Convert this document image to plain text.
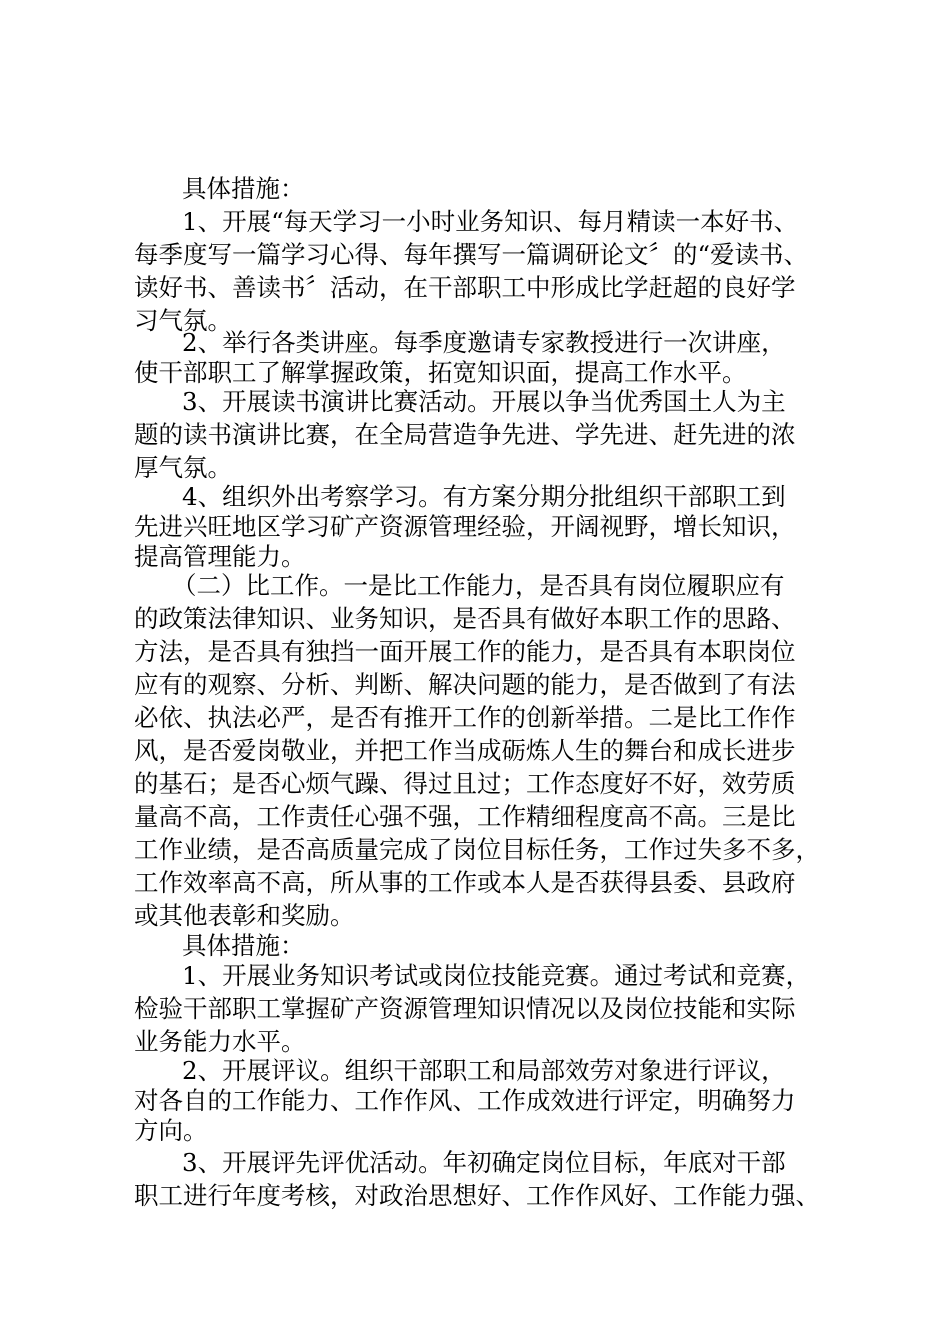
具体措施：
1、开展“每天学习一小时业务知识、每月精读一本好书、
每季度写一篇学习心得、每年撰写一篇调研论文〞的“爱读书、
读好书、善读书〞活动，在干部职工中形成比学赶超的良好学
习气氛。
2、举行各类讲座。每季度邀请专家教授进行一次讲座，
使干部职工了解掌握政策，拓宽知识面，提高工作水平。
3、开展读书演讲比赛活动。开展以争当优秀国土人为主
题的读书演讲比赛，在全局营造争先进、学先进、赶先进的浓
厚气氛。
4、组织外出考察学习。有方案分期分批组织干部职工到
先进兴旺地区学习矿产资源管理经验，开阔视野，增长知识，
提高管理能力。
（二）比工作。一是比工作能力，是否具有岗位履职应有
的政策法律知识、业务知识，是否具有做好本职工作的思路、
方法，是否具有独挡一面开展工作的能力，是否具有本职岗位
应有的观察、分析、判断、解决问题的能力，是否做到了有法
必依、执法必严，是否有推开工作的创新举措。二是比工作作
风，是否爱岗敬业，并把工作当成砺炼人生的舞台和成长进步
的基石；是否心烦气躁、得过且过；工作态度好不好，效劳质
量高不高，工作责任心强不强，工作精细程度高不高。三是比
工作业绩，是否高质量完成了岗位目标任务，工作过失多不多，
工作效率高不高，所从事的工作或本人是否获得县委、县政府
或其他表彰和奖励。
具体措施：
1、开展业务知识考试或岗位技能竞赛。通过考试和竞赛，
检验干部职工掌握矿产资源管理知识情况以及岗位技能和实际
业务能力水平。
2、开展评议。组织干部职工和局部效劳对象进行评议，
对各自的工作能力、工作作风、工作成效进行评定，明确努力
方向。
3、开展评先评优活动。年初确定岗位目标，年底对干部
职工进行年度考核，对政治思想好、工作作风好、工作能力强、
